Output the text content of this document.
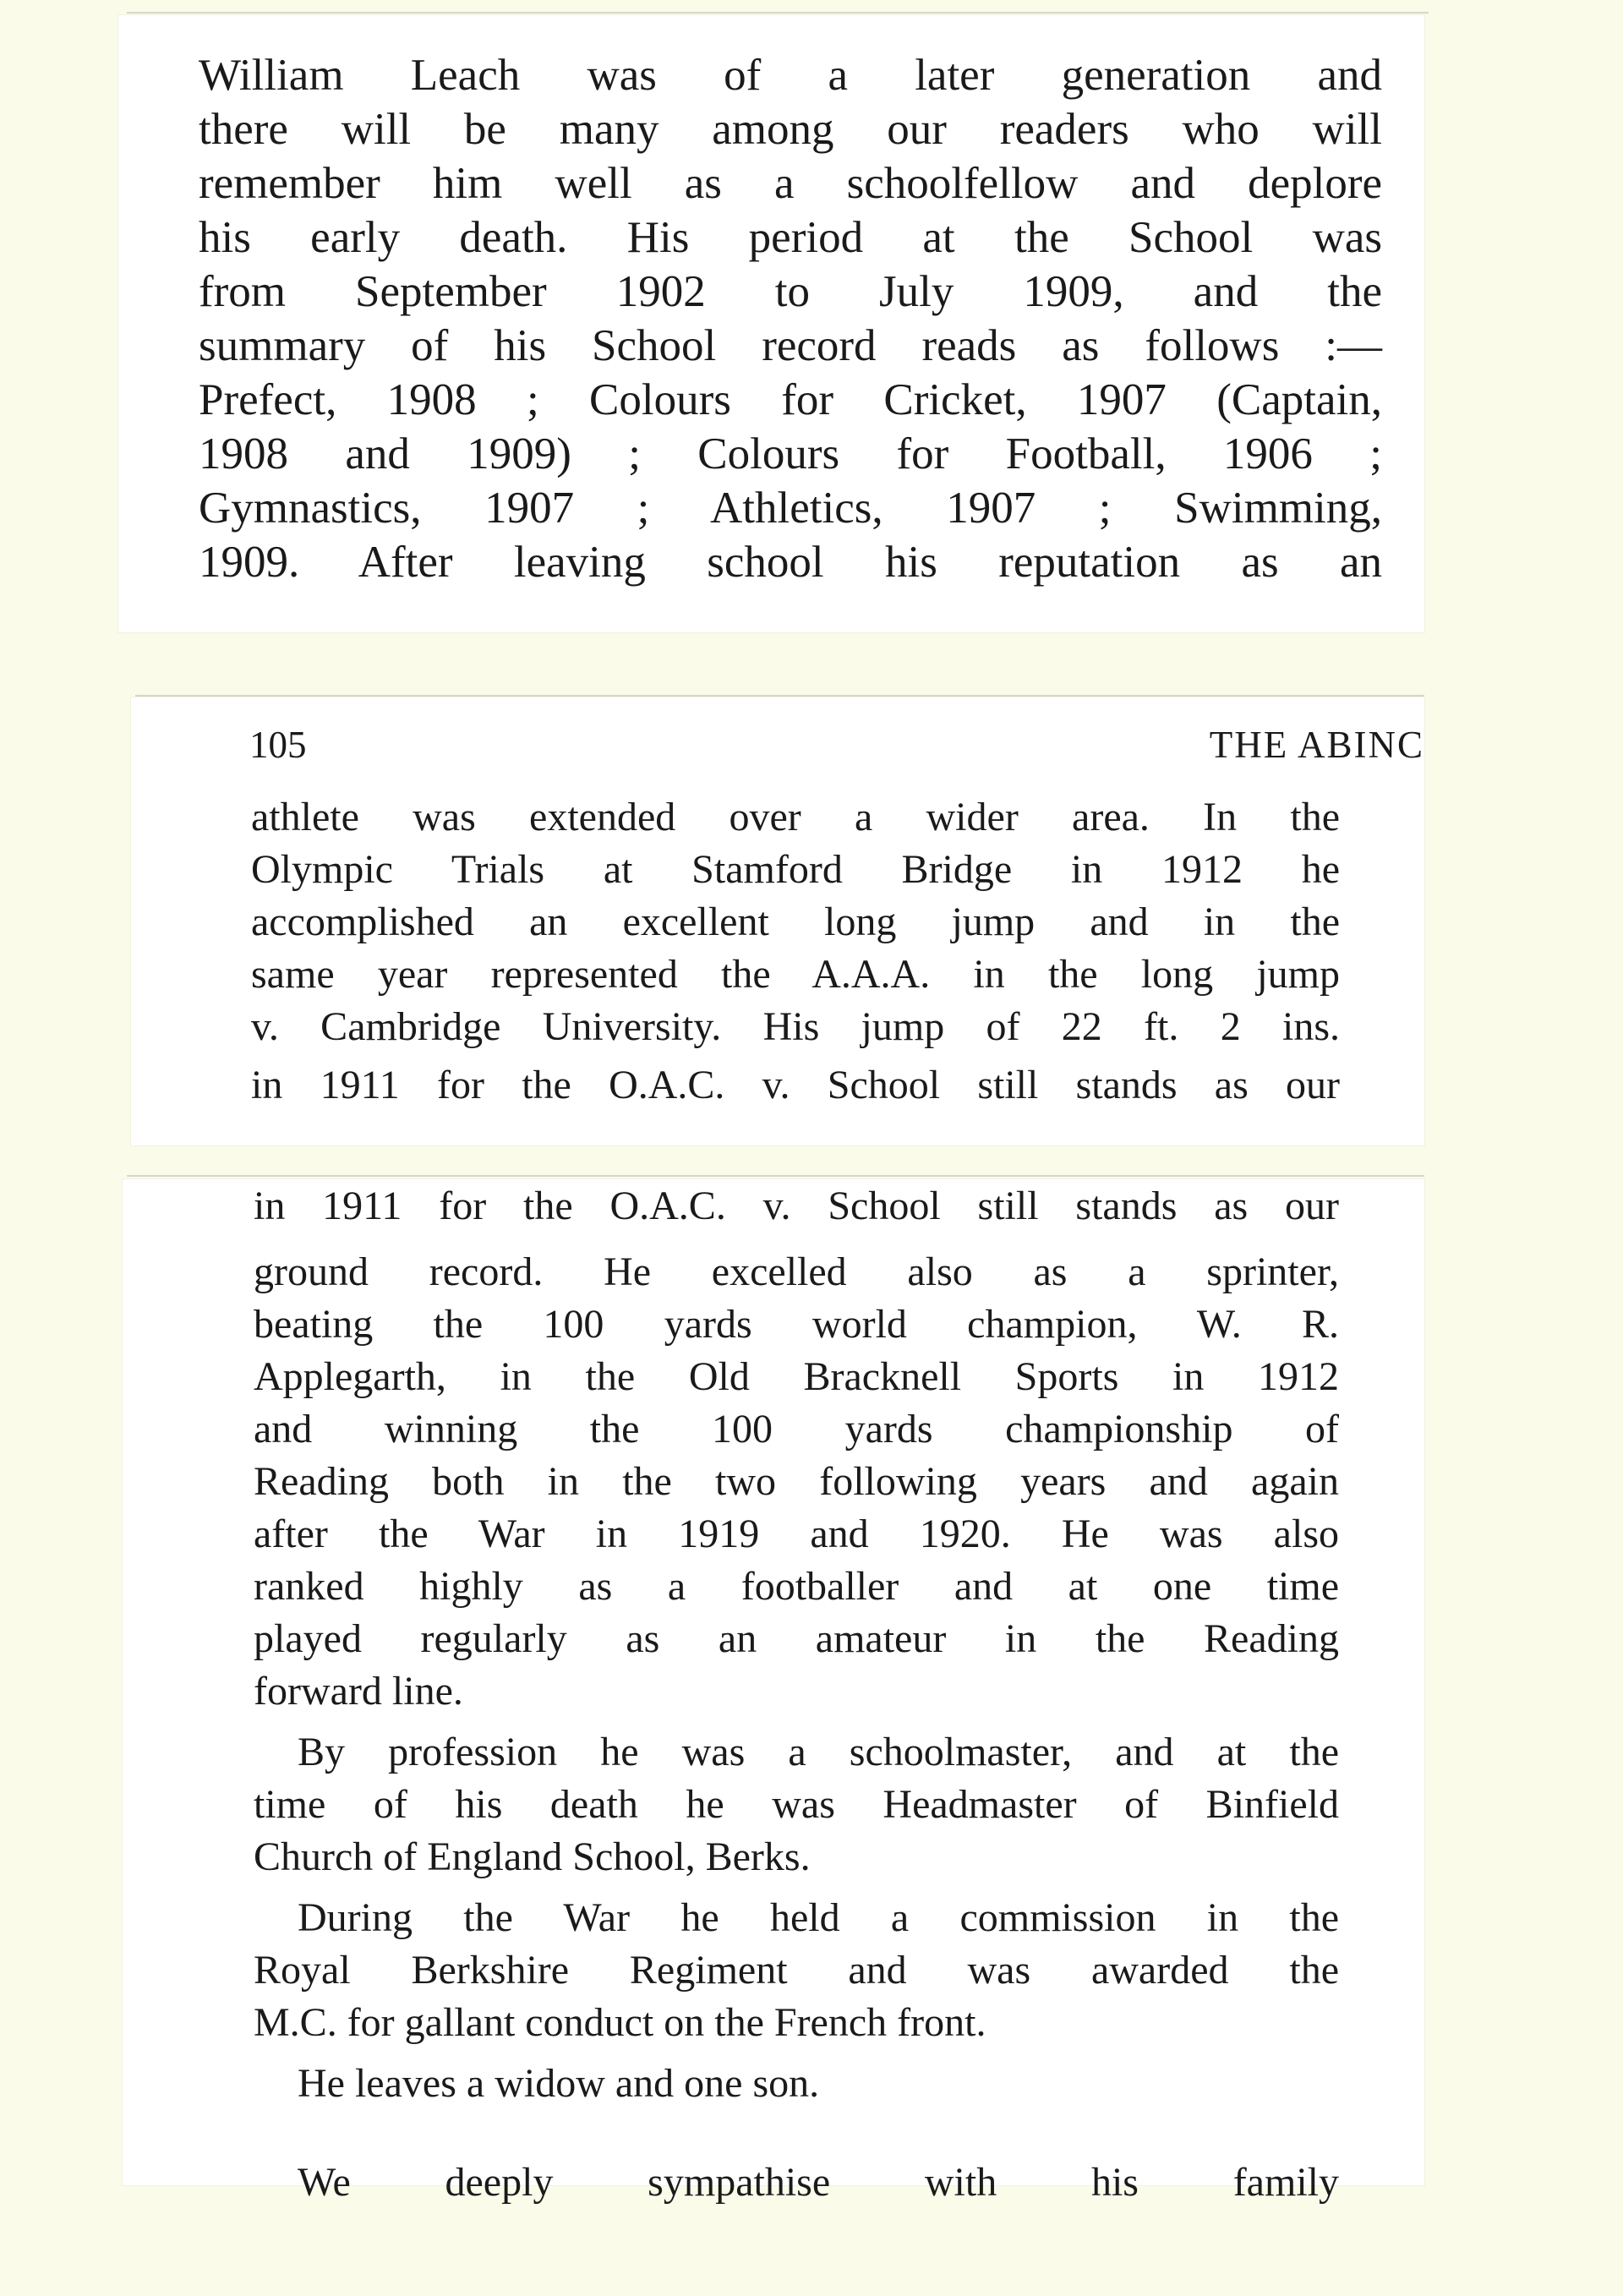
William Leach was of a later generation and
there will be many among our readers who will
remember him well as a schoolfellow and deplore
his early death. His period at the School was
from September 1902 to July 1909, and the
summary of his School record reads as follows :—
Prefect, 1908 ; Colours for Cricket, 1907 (Captain,
1908 and 1909) ; Colours for Football, 1906 ;
Gymnastics, 1907 ; Athletics, 1907 ; Swimming,
1909. After leaving school his reputation as an
105	THE ABINC
athlete was extended over a wider area. In the
Olympic Trials at Stamford Bridge in 1912 he
accomplished an excellent long jump and in the
same year represented the A.A.A. in the long jump
v. Cambridge University. His jump of 22 ft. 2 ins.
in 1911 for the O.A.C. v. School still stands as our
in 1911 for the O.A.C. v. School still stands as our
ground record. He excelled also as a sprinter,
beating the 100 yards world champion, W. R.
Applegarth, in the Old Bracknell Sports in 1912
and winning the 100 yards championship of
Reading both in the two following years and again
after the War in 1919 and 1920. He was also
ranked highly as a footballer and at one time
played regularly as an amateur in the Reading
forward line.
By profession he was a schoolmaster, and at the
time of his death he was Headmaster of Binfield
Church of England School, Berks.
During the War he held a commission in the
Royal Berkshire Regiment and was awarded the
M.C. for gallant conduct on the French front.
He leaves a widow and one son.
We deeply sympathise with his family
